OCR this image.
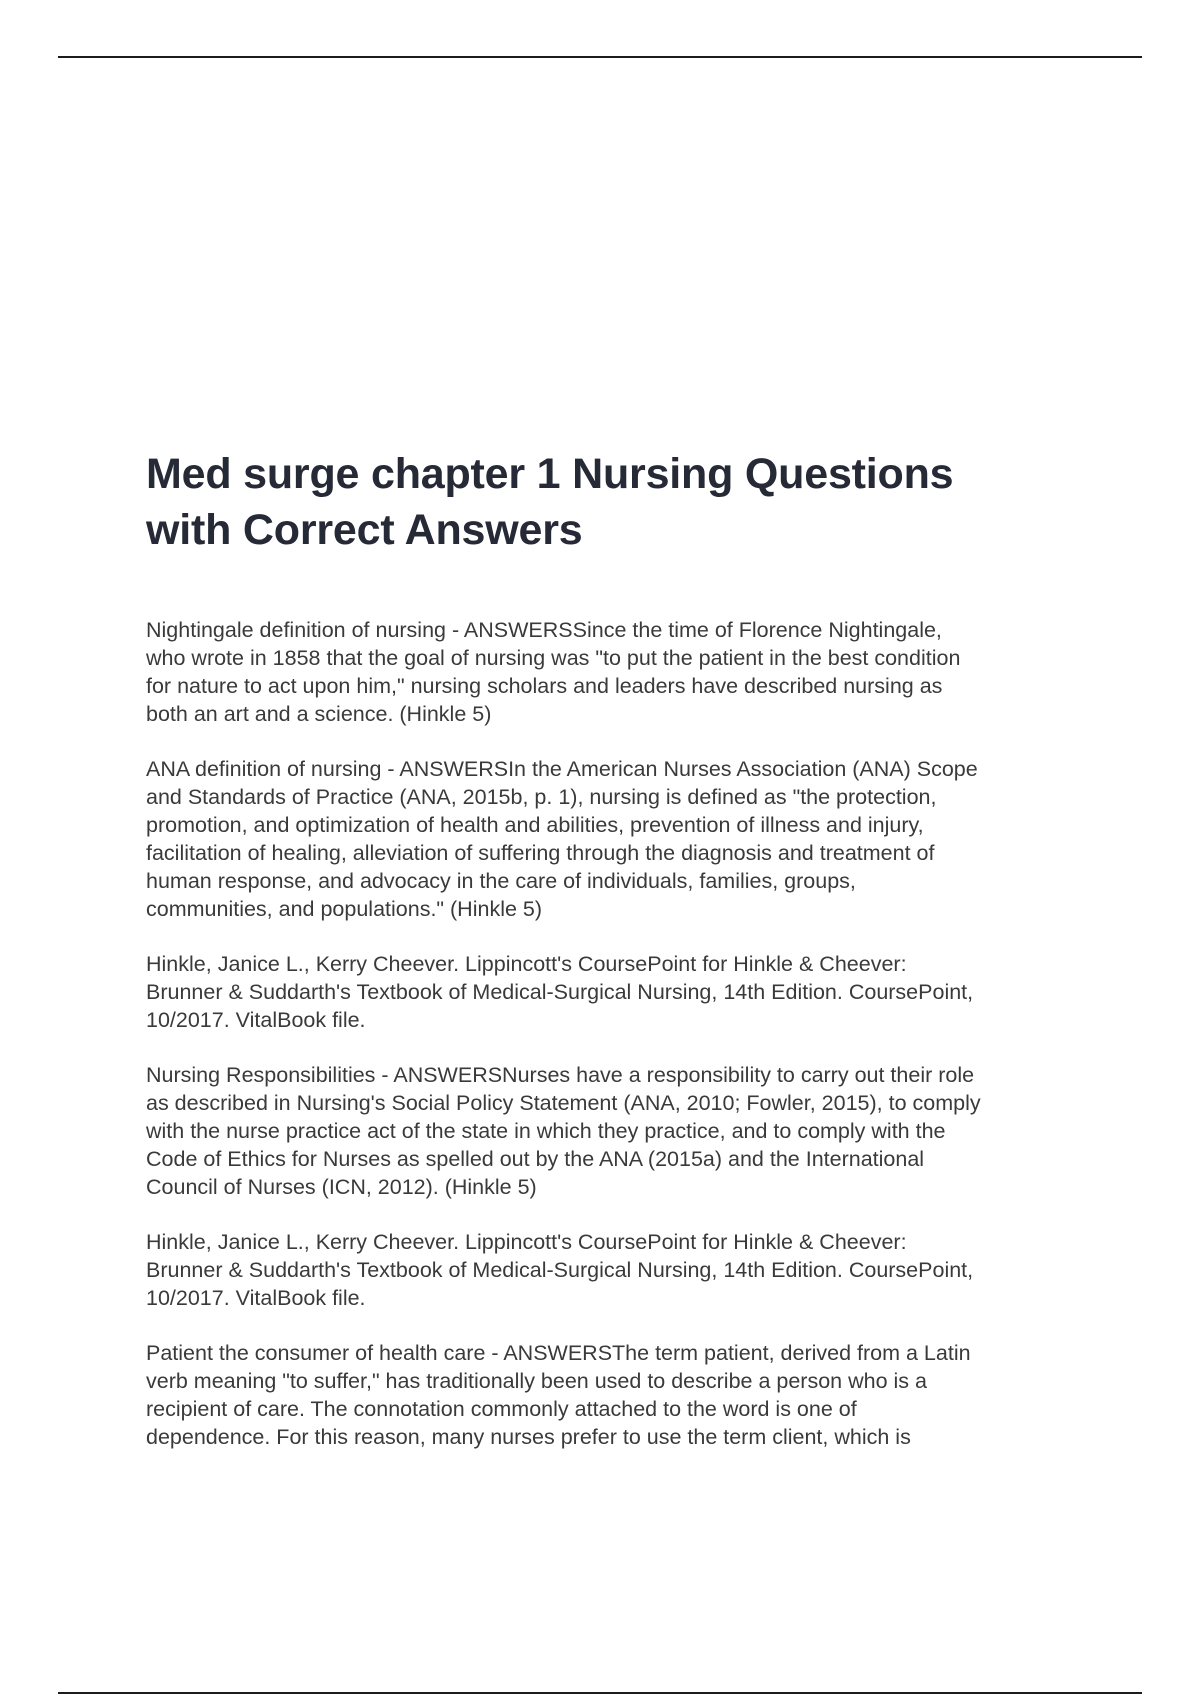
Med surge chapter 1 Nursing Questions
with Correct Answers

Nightingale definition of nursing - ANSWERSSince the time of Florence Nightingale,
who wrote in 1858 that the goal of nursing was "to put the patient in the best condition
for nature to act upon him," nursing scholars and leaders have described nursing as
both an art and a science. (Hinkle 5)

ANA definition of nursing - ANSWERSIn the American Nurses Association (ANA) Scope
and Standards of Practice (ANA, 2015b, p. 1), nursing is defined as "the protection,
promotion, and optimization of health and abilities, prevention of illness and injury,
facilitation of healing, alleviation of suffering through the diagnosis and treatment of
human response, and advocacy in the care of individuals, families, groups,
communities, and populations." (Hinkle 5)

Hinkle, Janice L., Kerry Cheever. Lippincott's CoursePoint for Hinkle & Cheever:
Brunner & Suddarth's Textbook of Medical-Surgical Nursing, 14th Edition. CoursePoint,
10/2017. VitalBook file.

Nursing Responsibilities - ANSWERSNurses have a responsibility to carry out their role
as described in Nursing's Social Policy Statement (ANA, 2010; Fowler, 2015), to comply
with the nurse practice act of the state in which they practice, and to comply with the
Code of Ethics for Nurses as spelled out by the ANA (2015a) and the International
Council of Nurses (ICN, 2012). (Hinkle 5)

Hinkle, Janice L., Kerry Cheever. Lippincott's CoursePoint for Hinkle & Cheever:
Brunner & Suddarth's Textbook of Medical-Surgical Nursing, 14th Edition. CoursePoint,
10/2017. VitalBook file.

Patient the consumer of health care - ANSWERSThe term patient, derived from a Latin
verb meaning "to suffer," has traditionally been used to describe a person who is a
recipient of care. The connotation commonly attached to the word is one of
dependence. For this reason, many nurses prefer to use the term client, which is
